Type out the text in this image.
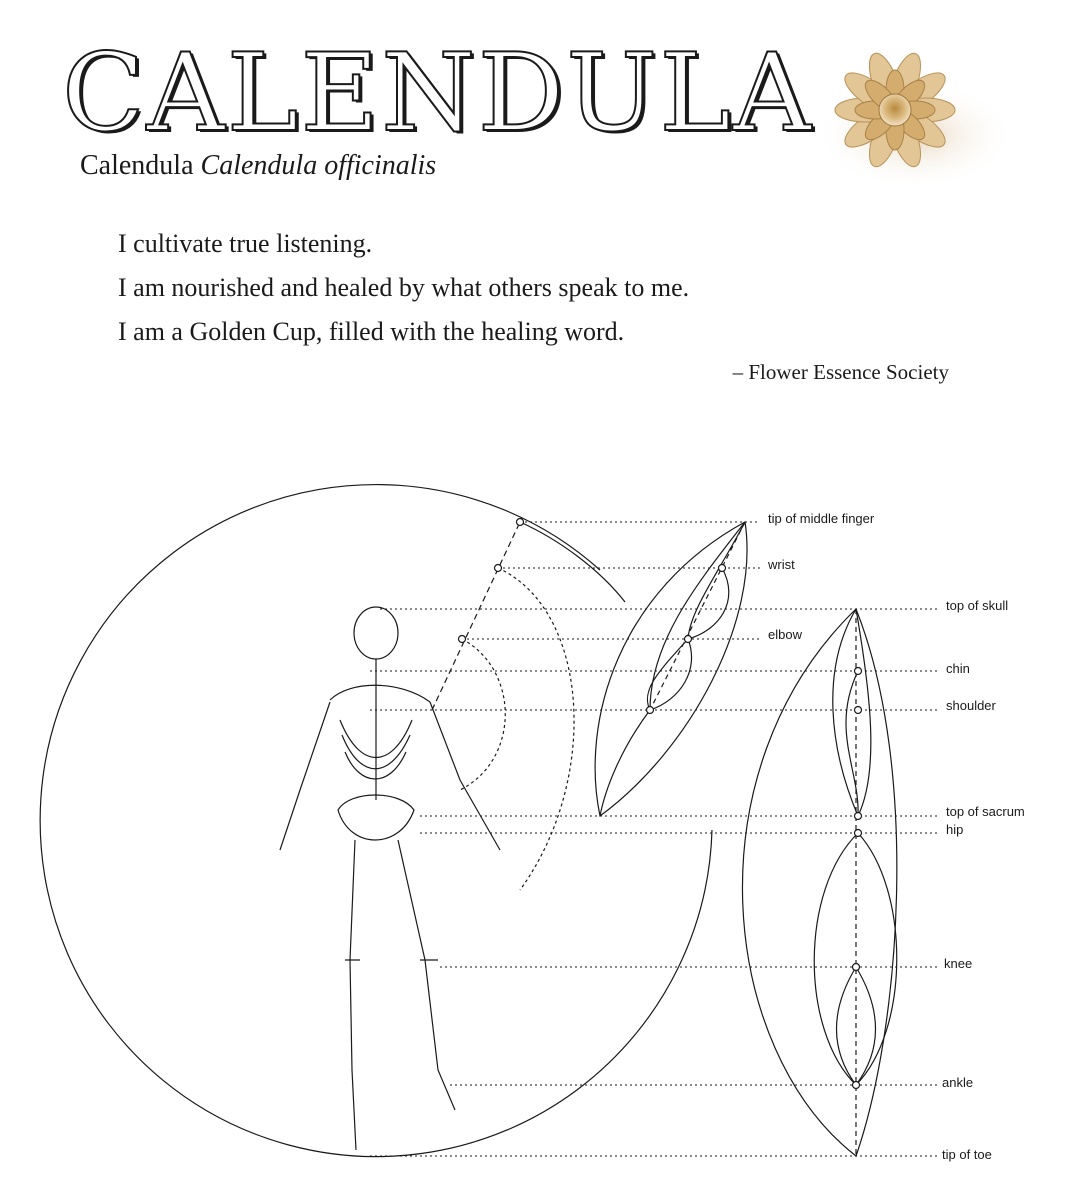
CALENDULA
Calendula Calendula officinalis
I cultivate true listening.
I am nourished and healed by what others speak to me.
I am a Golden Cup, filled with the healing word.
– Flower Essence Society
tip of middle finger
wrist
elbow
top of skull
chin
shoulder
top of sacrum
hip
knee
ankle
tip of toe
